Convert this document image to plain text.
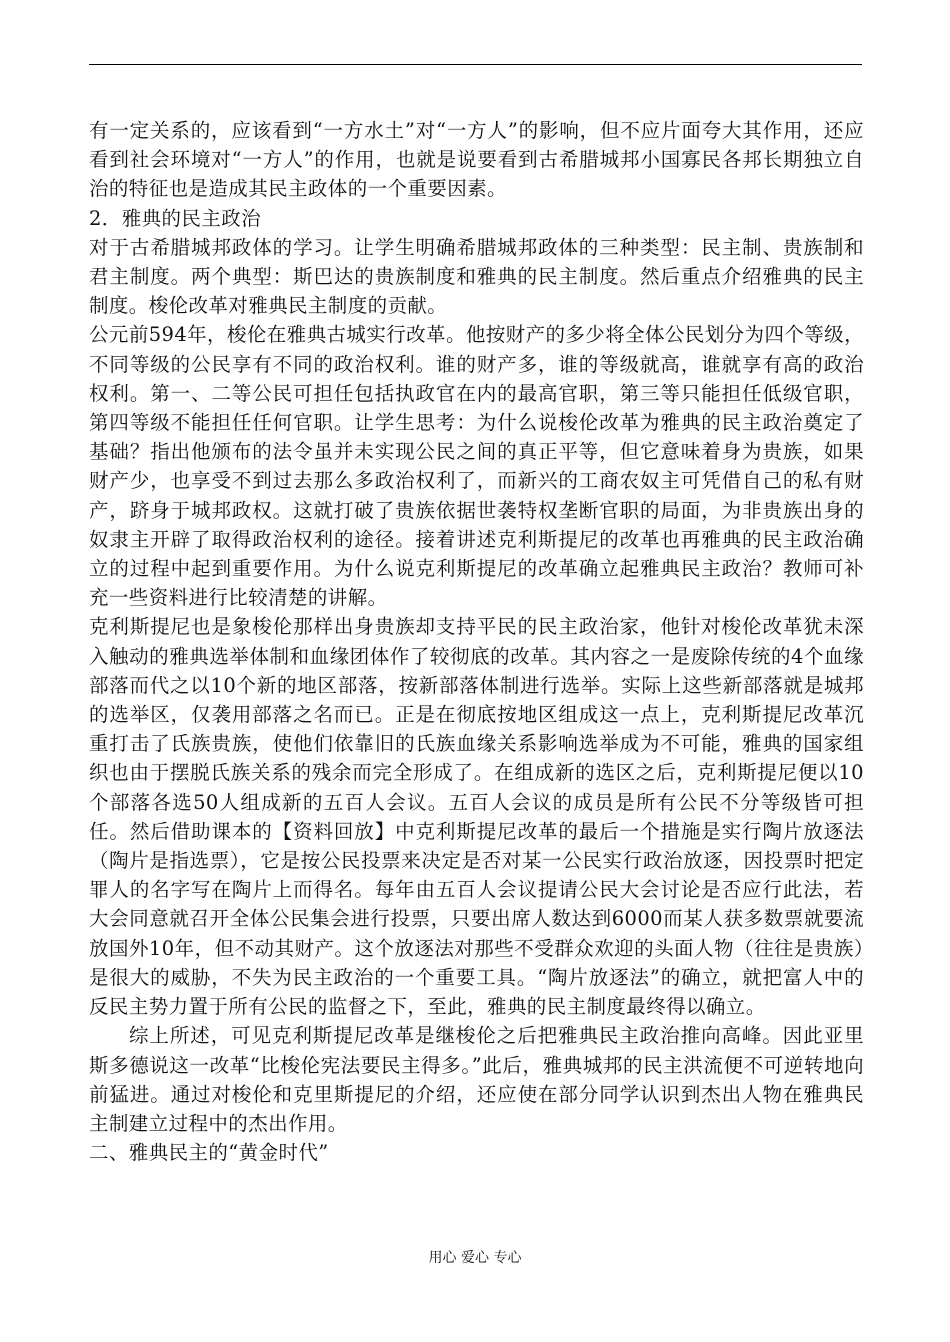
有一定关系的，应该看到“一方水土”对“一方人”的影响，但不应片面夸大其作用，还应看到社会环境对“一方人”的作用，也就是说要看到古希腊城邦小国寡民各邦长期独立自治的特征也是造成其民主政体的一个重要因素。

2．雅典的民主政治

对于古希腊城邦政体的学习。让学生明确希腊城邦政体的三种类型：民主制、贵族制和君主制度。两个典型：斯巴达的贵族制度和雅典的民主制度。然后重点介绍雅典的民主制度。梭伦改革对雅典民主制度的贡献。

公元前594年，梭伦在雅典古城实行改革。他按财产的多少将全体公民划分为四个等级，不同等级的公民享有不同的政治权利。谁的财产多，谁的等级就高，谁就享有高的政治权利。第一、二等公民可担任包括执政官在内的最高官职，第三等只能担任低级官职，第四等级不能担任任何官职。让学生思考：为什么说梭伦改革为雅典的民主政治奠定了基础？指出他颁布的法令虽并未实现公民之间的真正平等，但它意味着身为贵族，如果财产少，也享受不到过去那么多政治权利了，而新兴的工商农奴主可凭借自己的私有财产，跻身于城邦政权。这就打破了贵族依据世袭特权垄断官职的局面，为非贵族出身的奴隶主开辟了取得政治权利的途径。接着讲述克利斯提尼的改革也再雅典的民主政治确立的过程中起到重要作用。为什么说克利斯提尼的改革确立起雅典民主政治？教师可补充一些资料进行比较清楚的讲解。

克利斯提尼也是象梭伦那样出身贵族却支持平民的民主政治家，他针对梭伦改革犹未深入触动的雅典选举体制和血缘团体作了较彻底的改革。其内容之一是废除传统的4个血缘部落而代之以10个新的地区部落，按新部落体制进行选举。实际上这些新部落就是城邦的选举区，仅袭用部落之名而已。正是在彻底按地区组成这一点上，克利斯提尼改革沉重打击了氏族贵族，使他们依靠旧的氏族血缘关系影响选举成为不可能，雅典的国家组织也由于摆脱氏族关系的残余而完全形成了。在组成新的选区之后，克利斯提尼便以10个部落各选50人组成新的五百人会议。五百人会议的成员是所有公民不分等级皆可担任。然后借助课本的【资料回放】中克利斯提尼改革的最后一个措施是实行陶片放逐法（陶片是指选票），它是按公民投票来决定是否对某一公民实行政治放逐，因投票时把定罪人的名字写在陶片上而得名。每年由五百人会议提请公民大会讨论是否应行此法，若大会同意就召开全体公民集会进行投票，只要出席人数达到6000而某人获多数票就要流放国外10年，但不动其财产。这个放逐法对那些不受群众欢迎的头面人物（往往是贵族）是很大的威胁，不失为民主政治的一个重要工具。“陶片放逐法”的确立，就把富人中的反民主势力置于所有公民的监督之下，至此，雅典的民主制度最终得以确立。

综上所述，可见克利斯提尼改革是继梭伦之后把雅典民主政治推向高峰。因此亚里斯多德说这一改革“比梭伦宪法要民主得多。”此后，雅典城邦的民主洪流便不可逆转地向前猛进。通过对梭伦和克里斯提尼的介绍，还应使在部分同学认识到杰出人物在雅典民主制建立过程中的杰出作用。

二、雅典民主的“黄金时代”

用心 爱心 专心
